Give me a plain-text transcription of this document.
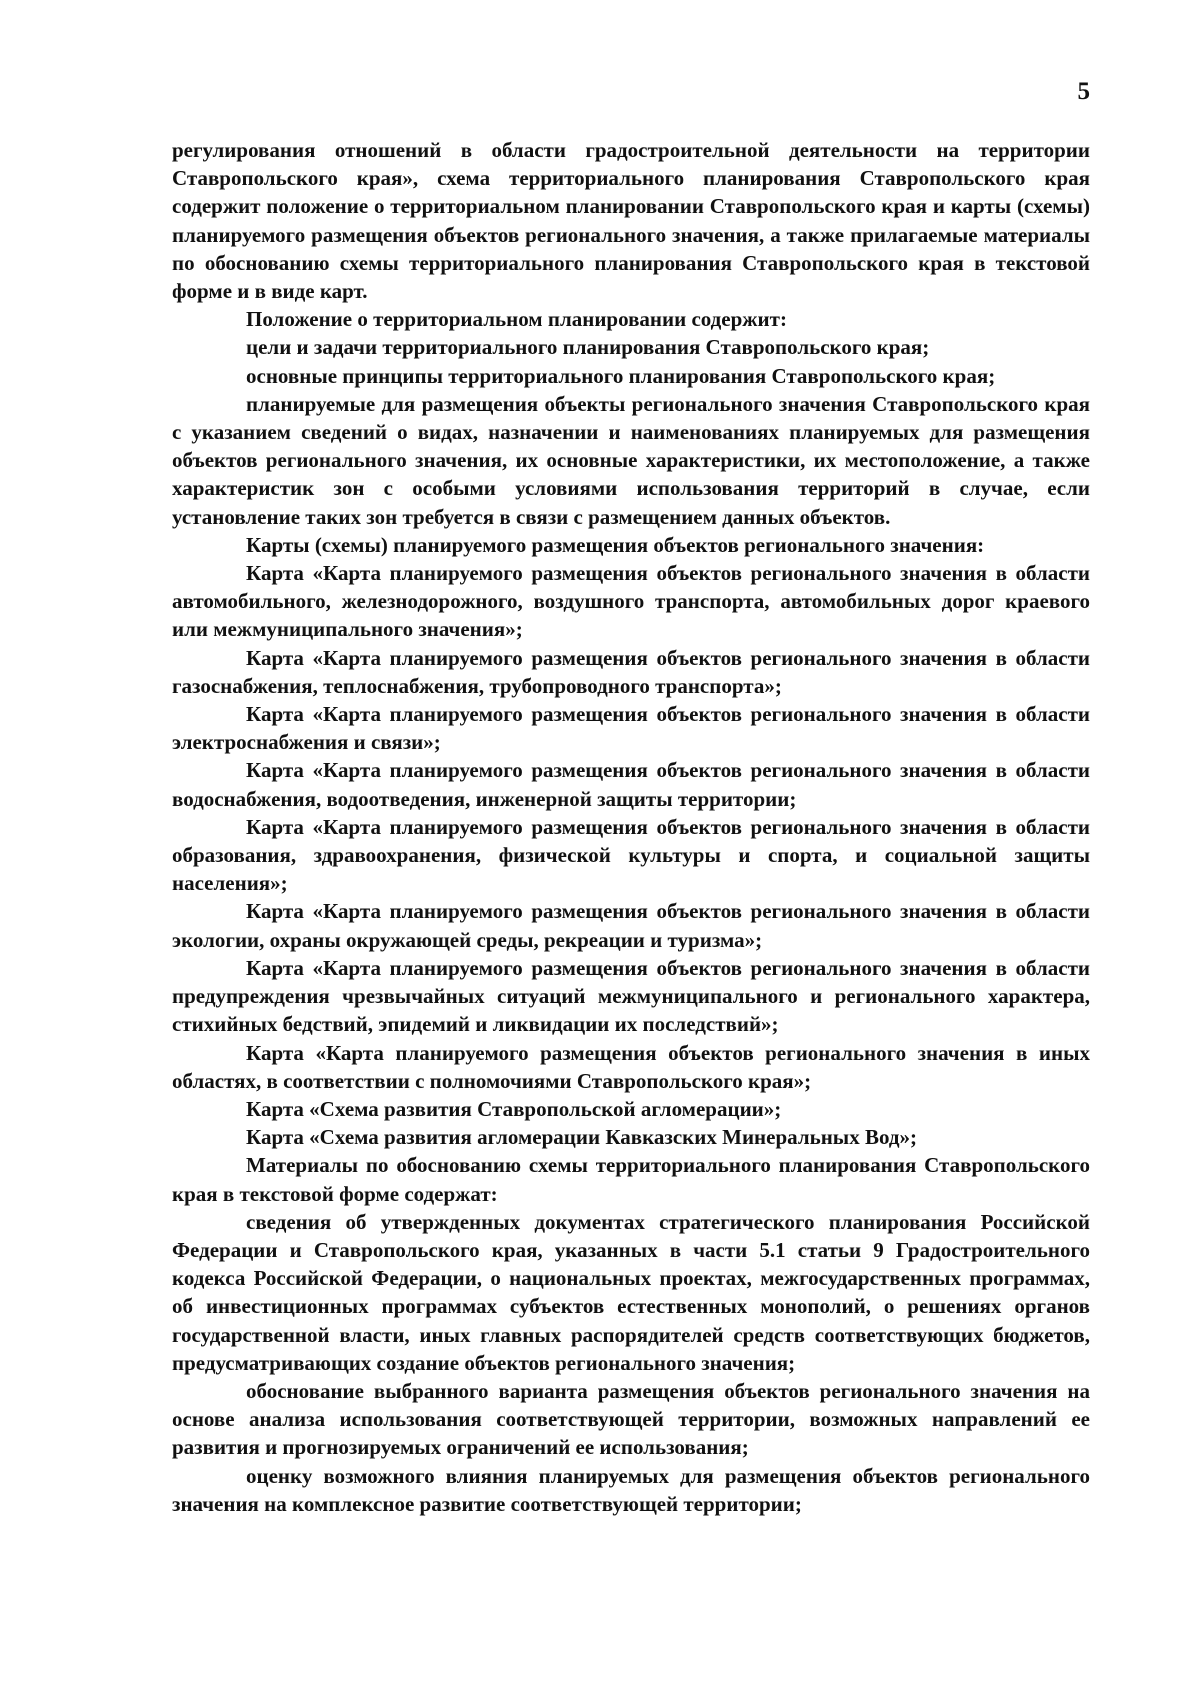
5

регулирования отношений в области градостроительной деятельности на территории Ставропольского края», схема территориального планирования Ставропольского края содержит положение о территориальном планировании Ставропольского края и карты (схемы) планируемого размещения объектов регионального значения, а также прилагаемые материалы по обоснованию схемы территориального планирования Ставропольского края в текстовой форме и в виде карт.

Положение о территориальном планировании содержит:

цели и задачи территориального планирования Ставропольского края;

основные принципы территориального планирования Ставропольского края;

планируемые для размещения объекты регионального значения Ставропольского края с указанием сведений о видах, назначении и наименованиях планируемых для размещения объектов регионального значения, их основные характеристики, их местоположение, а также характеристик зон с особыми условиями использования территорий в случае, если установление таких зон требуется в связи с размещением данных объектов.

Карты (схемы) планируемого размещения объектов регионального значения:

Карта «Карта планируемого размещения объектов регионального значения в области автомобильного, железнодорожного, воздушного транспорта, автомобильных дорог краевого или межмуниципального значения»;

Карта «Карта планируемого размещения объектов регионального значения в области газоснабжения, теплоснабжения, трубопроводного транспорта»;

Карта «Карта планируемого размещения объектов регионального значения в области электроснабжения и связи»;

Карта «Карта планируемого размещения объектов регионального значения в области водоснабжения, водоотведения, инженерной защиты территории;

Карта «Карта планируемого размещения объектов регионального значения в области образования, здравоохранения, физической культуры и спорта, и социальной защиты населения»;

Карта «Карта планируемого размещения объектов регионального значения в области экологии, охраны окружающей среды, рекреации и туризма»;

Карта «Карта планируемого размещения объектов регионального значения в области предупреждения чрезвычайных ситуаций межмуниципального и регионального характера, стихийных бедствий, эпидемий и ликвидации их последствий»;

Карта «Карта планируемого размещения объектов регионального значения в иных областях, в соответствии с полномочиями Ставропольского края»;

Карта «Схема развития Ставропольской агломерации»;

Карта «Схема развития агломерации Кавказских Минеральных Вод»;

Материалы по обоснованию схемы территориального планирования Ставропольского края в текстовой форме содержат:

сведения об утвержденных документах стратегического планирования Российской Федерации и Ставропольского края, указанных в части 5.1 статьи 9 Градостроительного кодекса Российской Федерации, о национальных проектах, межгосударственных программах, об инвестиционных программах субъектов естественных монополий, о решениях органов государственной власти, иных главных распорядителей средств соответствующих бюджетов, предусматривающих создание объектов регионального значения;

обоснование выбранного варианта размещения объектов регионального значения на основе анализа использования соответствующей территории, возможных направлений ее развития и прогнозируемых ограничений ее использования;

оценку возможного влияния планируемых для размещения объектов регионального значения на комплексное развитие соответствующей территории;
